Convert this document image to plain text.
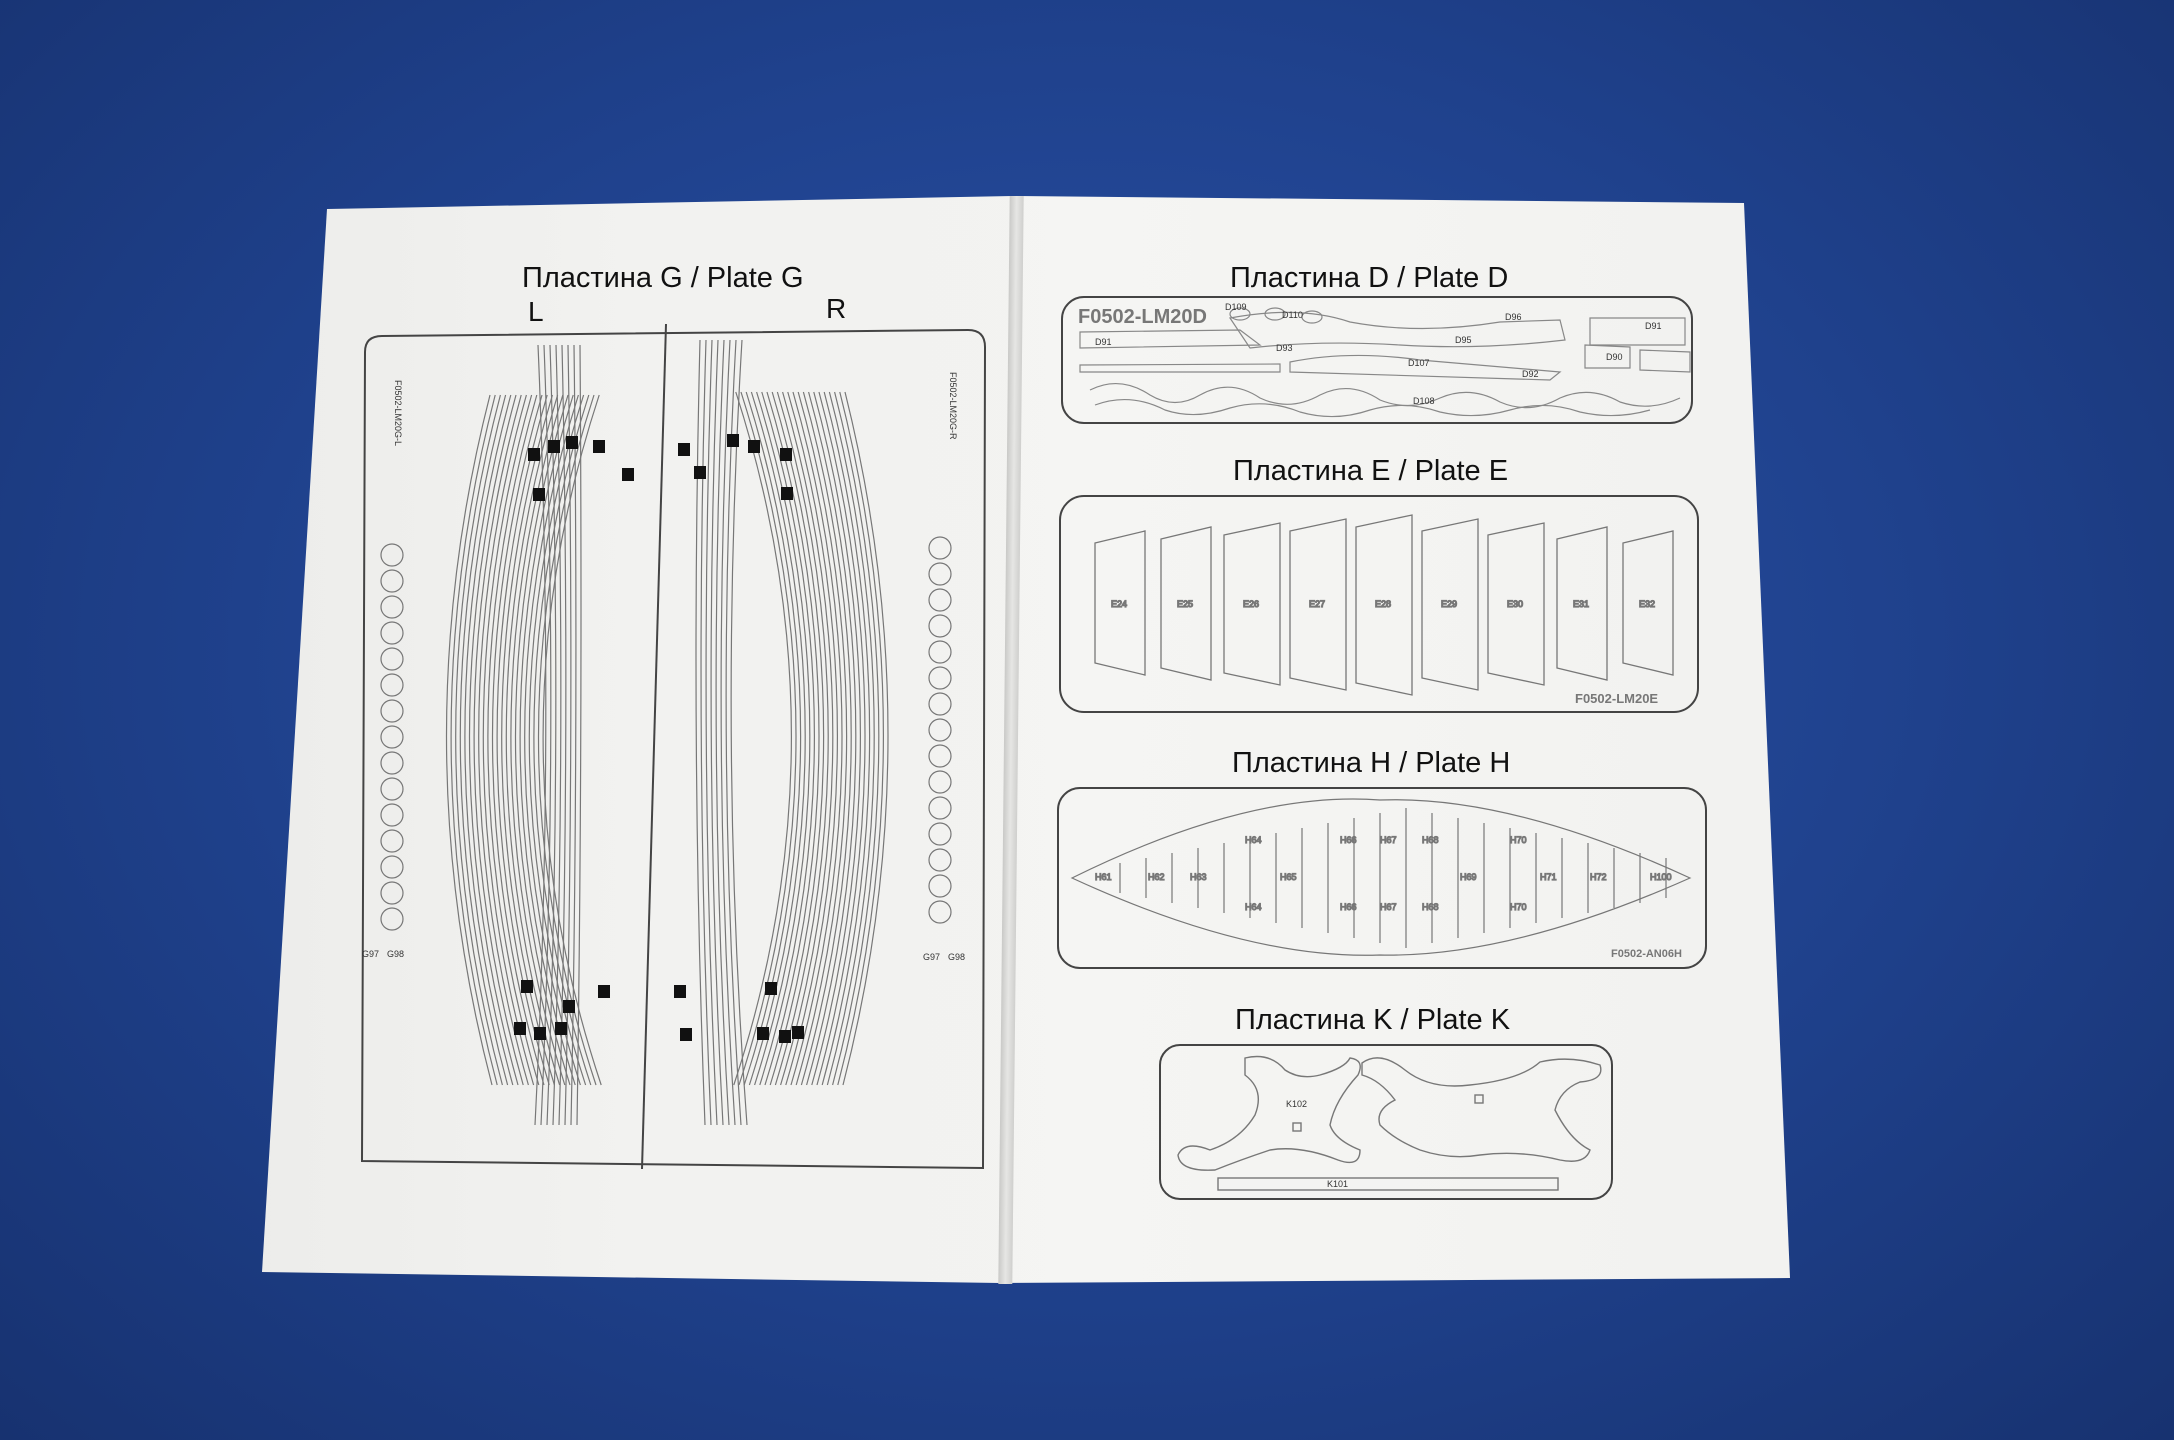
Пластина G / Plate G
L	R
Пластина D / Plate D
Пластина E / Plate E
Пластина H / Plate H
Пластина K / Plate K
G97 G98	G97 G98
F0502-LM20G-L	F0502-LM20G-R
F0502-LM20D
D91
D91
D90
D92
D93
D95
D96
D107
D108
D109
D110
E24	E25	E26	E27	E28	E29	E30	E31	E32
F0502-LM20E
H61	H62	H63	H65	H69	H71	H72	H100
H64	H66	H67	H68	H70
H64	H66	H67	H68	H70
F0502-AN06H
K102
K101
